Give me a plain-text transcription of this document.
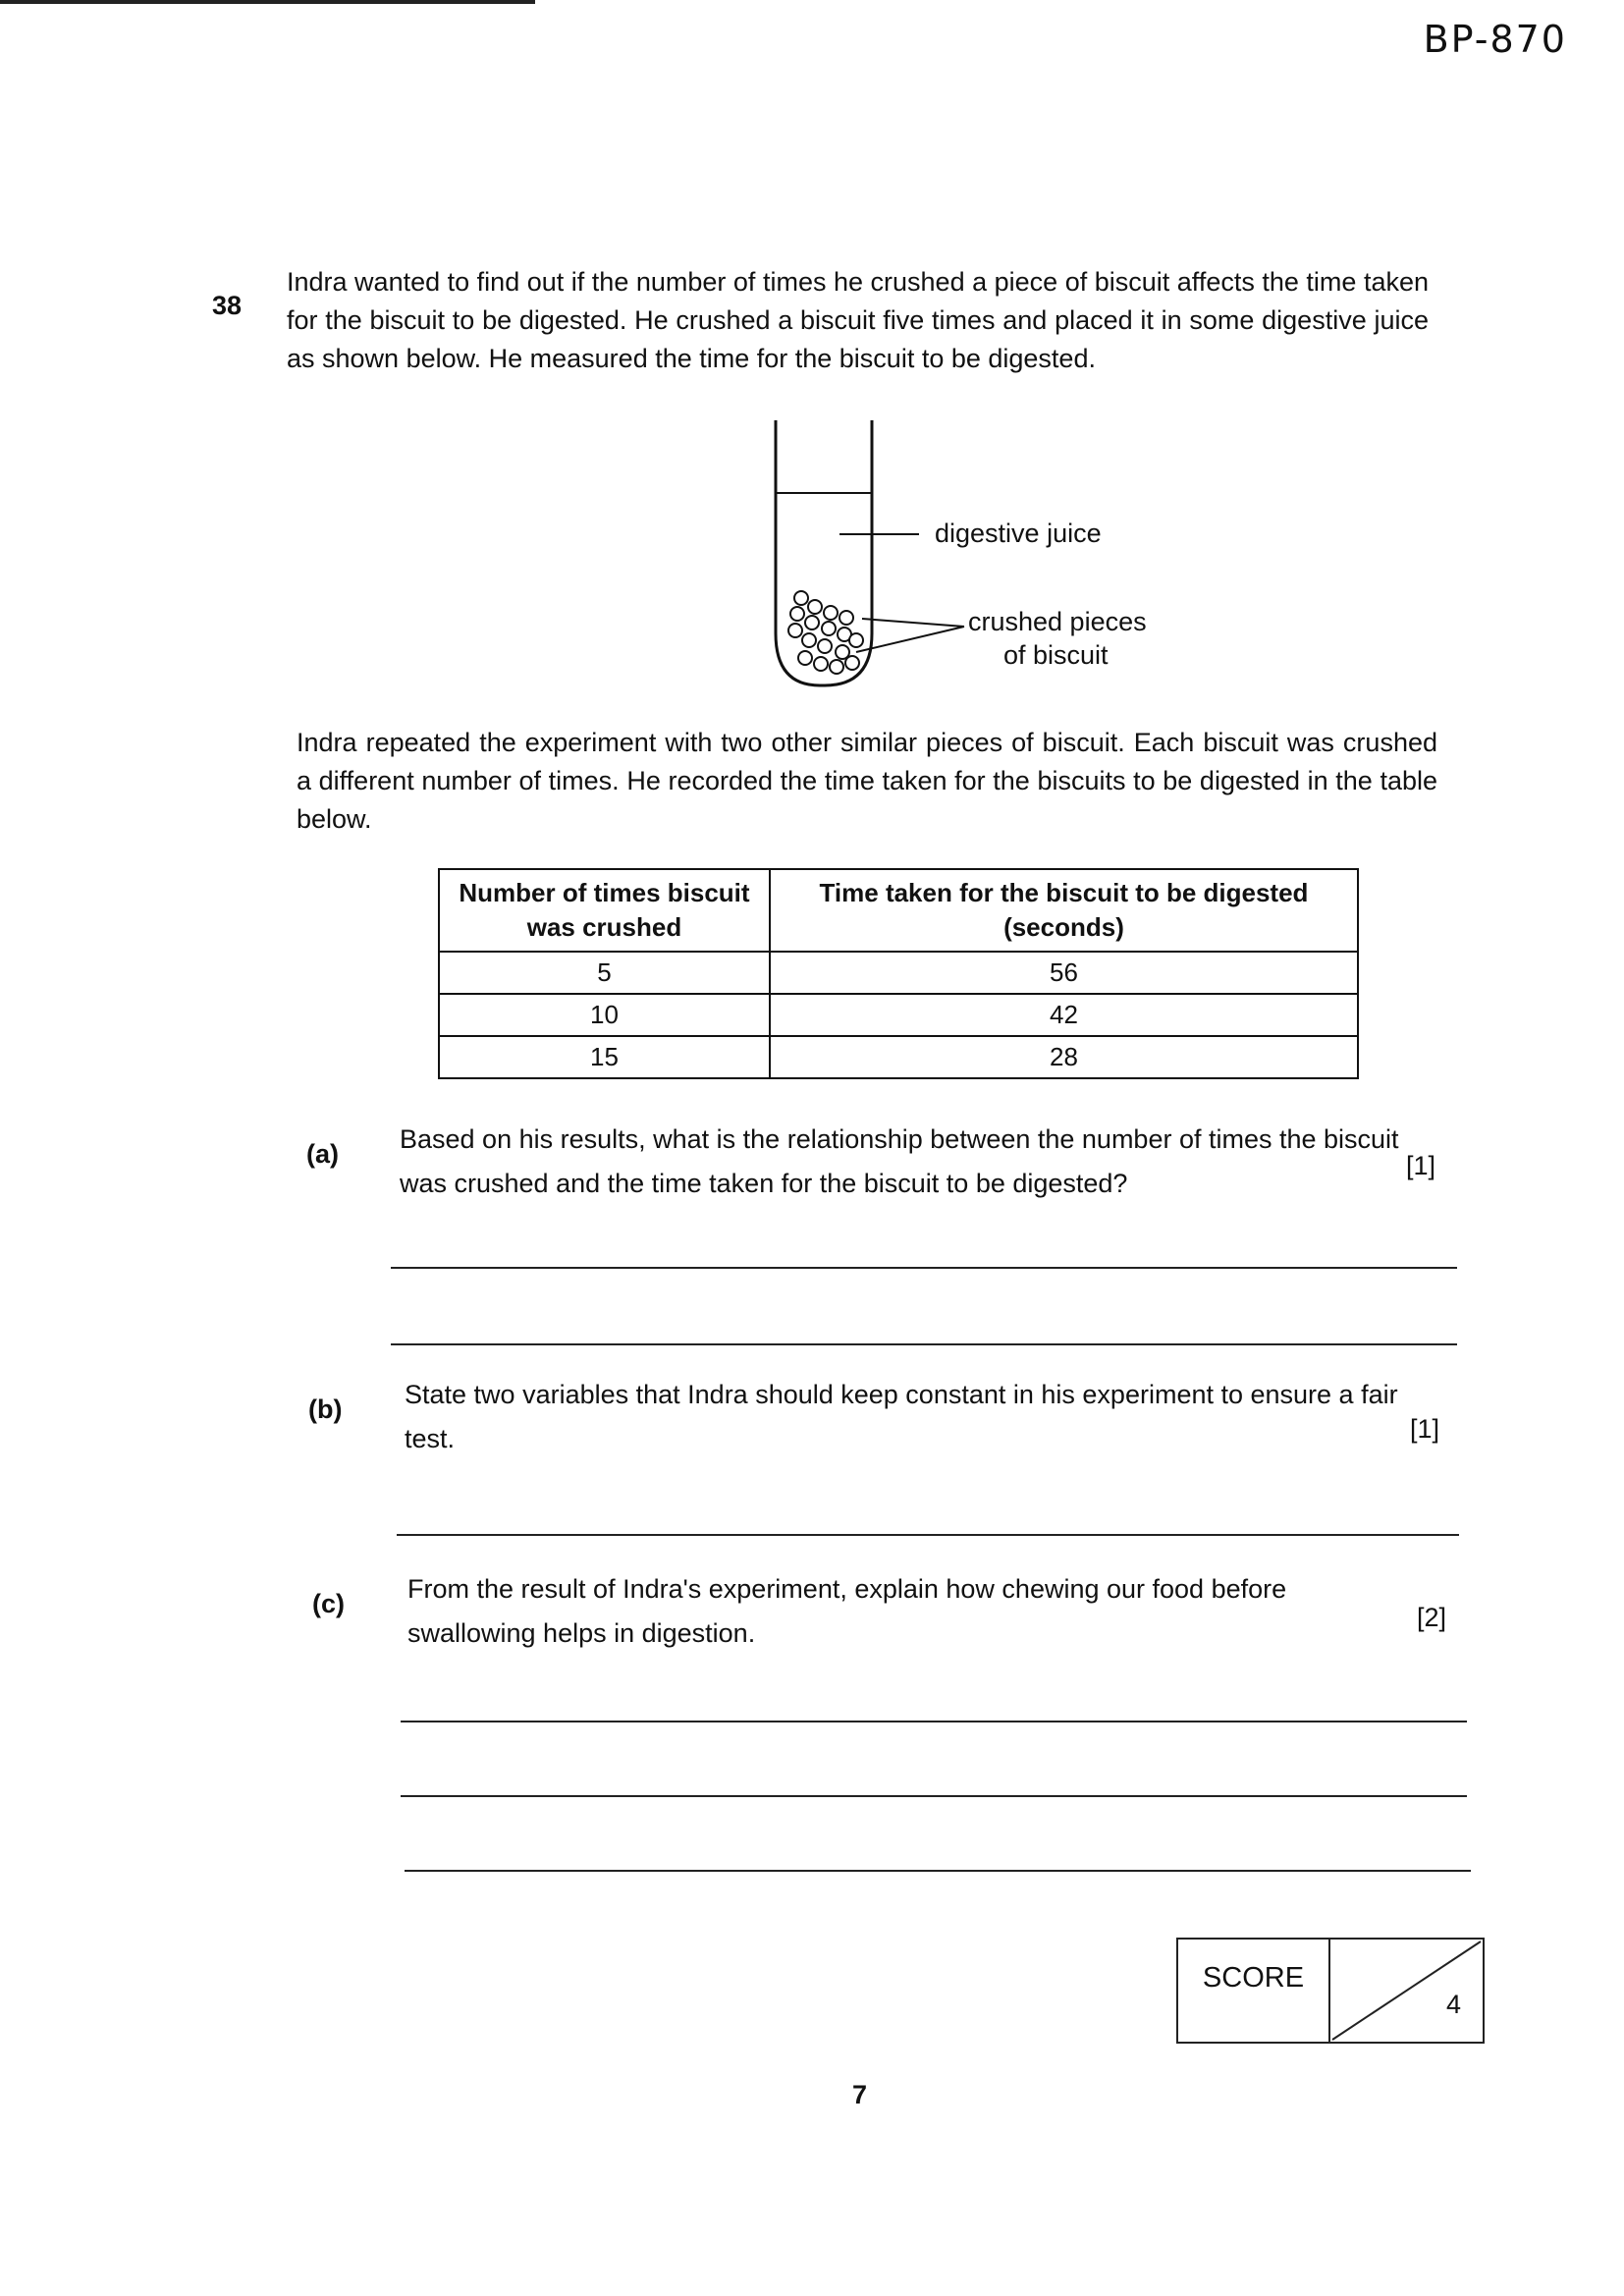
BP-870
38
Indra wanted to find out if the number of times he crushed a piece of biscuit affects the time taken for the biscuit to be digested. He crushed a biscuit five times and placed it in some digestive juice as shown below. He measured the time for the biscuit to be digested.
digestive juice
crushed pieces
of biscuit
Indra repeated the experiment with two other similar pieces of biscuit. Each biscuit was crushed a different number of times. He recorded the time taken for the biscuits to be digested in the table below.
Number of times biscuit was crushed	Time taken for the biscuit to be digested (seconds)
5	56
10	42
15	28
(a) Based on his results, what is the relationship between the number of times the biscuit was crushed and the time taken for the biscuit to be digested?
[1]
(b) State two variables that Indra should keep constant in his experiment to ensure a fair test.	[1]
(c) From the result of Indra's experiment, explain how chewing our food before swallowing helps in digestion.
[2]
SCORE
4
7
